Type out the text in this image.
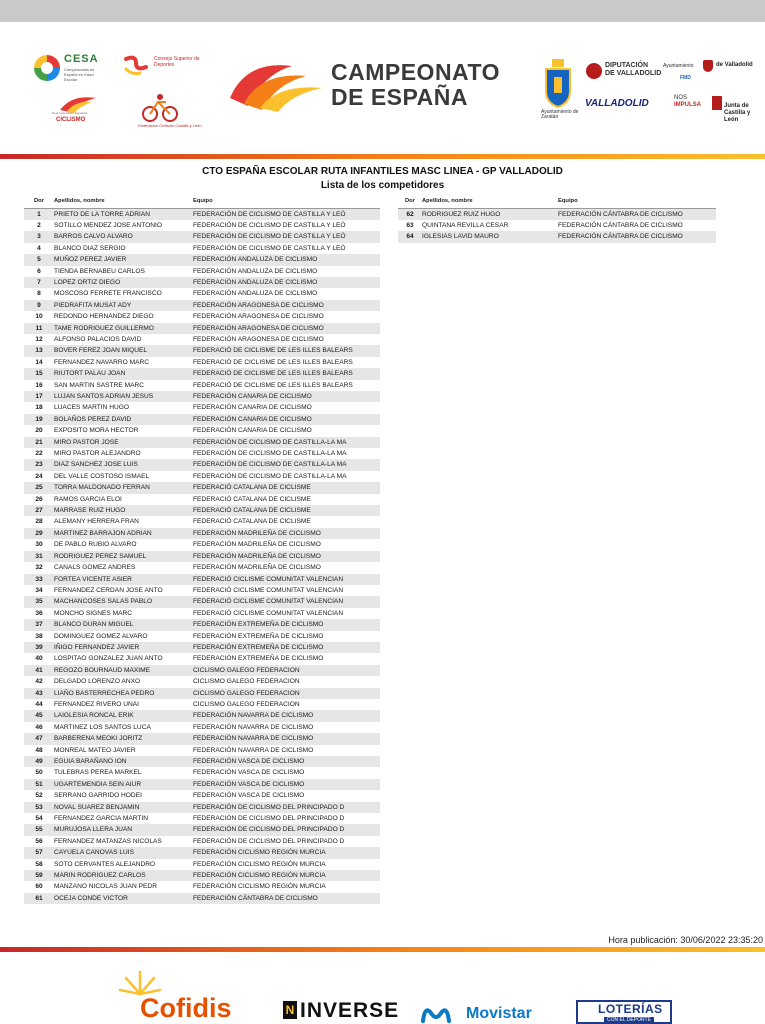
CESA
Campeonatos de España en Edad Escolar
Consejo Superior de Deportes
Real Federación Española
CICLISMO
Federación Ciclismo Castilla y León
CAMPEONATO
DE ESPAÑA
Ayuntamiento de
Zaratán
DIPUTACIÓN
DE VALLADOLID
Ayuntamiento	de Valladolid
FMD
VALLADOLID	NOS
IMPULSA	Junta de
Castilla y León
CTO ESPAÑA ESCOLAR RUTA INFANTILES MASC LINEA - GP VALLADOLID
Lista de los competidores
Dor	Apellidos, nombre	Equipo
1	PRIETO DE LA TORRE ADRIAN	FEDERACIÓN DE CICLISMO DE CASTILLA Y LEÓ
2	SOTILLO MENDEZ JOSE ANTONIO	FEDERACIÓN DE CICLISMO DE CASTILLA Y LEÓ
3	BARROS CALVO ALVARO	FEDERACIÓN DE CICLISMO DE CASTILLA Y LEÓ
4	BLANCO DIAZ SERGIO	FEDERACIÓN DE CICLISMO DE CASTILLA Y LEÓ
5	MUÑOZ PEREZ JAVIER	FEDERACIÓN ANDALUZA DE CICLISMO
6	TIENDA BERNABEU CARLOS	FEDERACIÓN ANDALUZA DE CICLISMO
7	LOPEZ ORTIZ DIEGO	FEDERACIÓN ANDALUZA DE CICLISMO
8	MOSCOSO FERRETE FRANCISCO	FEDERACIÓN ANDALUZA DE CICLISMO
9	PIEDRAFITA MUSAT ADY	FEDERACIÓN ARAGONESA DE CICLISMO
10	REDONDO HERNANDEZ DIEGO	FEDERACIÓN ARAGONESA DE CICLISMO
11	TAME RODRIGUEZ GUILLERMO	FEDERACIÓN ARAGONESA DE CICLISMO
12	ALFONSO PALACIOS DAVID	FEDERACIÓN ARAGONESA DE CICLISMO
13	BOVER FEREZ JOAN MIQUEL	FEDERACIÓ DE CICLISME DE LES ILLES BALEARS
14	FERNANDEZ NAVARRO MARC	FEDERACIÓ DE CICLISME DE LES ILLES BALEARS
15	RIUTORT PALAU JOAN	FEDERACIÓ DE CICLISME DE LES ILLES BALEARS
16	SAN MARTIN SASTRE MARC	FEDERACIÓ DE CICLISME DE LES ILLES BALEARS
17	LUJAN SANTOS ADRIAN JESUS	FEDERACIÓN CANARIA DE CICLISMO
18	LUACES MARTIN HUGO	FEDERACIÓN CANARIA DE CICLISMO
19	BOLAÑOS PEREZ DAVID	FEDERACIÓN CANARIA DE CICLISMO
20	EXPOSITO MORA HECTOR	FEDERACIÓN CANARIA DE CICLISMO
21	MIRO PASTOR JOSE	FEDERACIÓN DE CICLISMO DE CASTILLA-LA MA
22	MIRO PASTOR ALEJANDRO	FEDERACIÓN DE CICLISMO DE CASTILLA-LA MA
23	DIAZ SANCHEZ JOSE LUIS	FEDERACIÓN DE CICLISMO DE CASTILLA-LA MA
24	DEL VALLE COSTOSO ISMAEL	FEDERACIÓN DE CICLISMO DE CASTILLA-LA MA
25	TORRA MALDONADO FERRAN	FEDERACIÓ CATALANA DE CICLISME
26	RAMOS GARCIA ELOI	FEDERACIÓ CATALANA DE CICLISME
27	MARRASE RUIZ HUGO	FEDERACIÓ CATALANA DE CICLISME
28	ALEMANY HERRERA FRAN	FEDERACIÓ CATALANA DE CICLISME
29	MARTINEZ BARRAJON ADRIAN	FEDERACIÓN MADRILEÑA DE CICLISMO
30	DE PABLO RUBIO ALVARO	FEDERACIÓN MADRILEÑA DE CICLISMO
31	RODRIGUEZ PEREZ SAMUEL	FEDERACIÓN MADRILEÑA DE CICLISMO
32	CANALS GOMEZ ANDRES	FEDERACIÓN MADRILEÑA DE CICLISMO
33	FORTEA VICENTE ASIER	FEDERACIÓ CICLISME COMUNITAT VALENCIAN
34	FERNANDEZ CERDAN JOSE ANTO	FEDERACIÓ CICLISME COMUNITAT VALENCIAN
35	MACHANCOSES SALAS PABLO	FEDERACIÓ CICLISME COMUNITAT VALENCIAN
36	MONCHO SIGNES MARC	FEDERACIÓ CICLISME COMUNITAT VALENCIAN
37	BLANCO DURAN MIGUEL	FEDERACIÓN EXTREMEÑA DE CICLISMO
38	DOMINGUEZ GOMEZ ALVARO	FEDERACIÓN EXTREMEÑA DE CICLISMO
39	IÑIGO FERNANDEZ JAVIER	FEDERACIÓN EXTREMEÑA DE CICLISMO
40	LOSPITAO GONZALEZ JUAN ANTO	FEDERACIÓN EXTREMEÑA DE CICLISMO
41	REGOZO BOURNAUD MAXIME	CICLISMO GALEGO FEDERACION
42	DELGADO LORENZO ANXO	CICLISMO GALEGO FEDERACION
43	LIAÑO BASTERRECHEA PEDRO	CICLISMO GALEGO FEDERACION
44	FERNANDEZ RIVERO UNAI	CICLISMO GALEGO FEDERACION
45	LAIGLESIA RONCAL ERIK	FEDERACIÓN NAVARRA DE CICLISMO
46	MARTINEZ LOS SANTOS LUCA	FEDERACIÓN NAVARRA DE CICLISMO
47	BARBERENA MEOKI JORITZ	FEDERACIÓN NAVARRA DE CICLISMO
48	MONREAL MATEO JAVIER	FEDERACIÓN NAVARRA DE CICLISMO
49	EGUIA BARAÑANO ION	FEDERACIÓN VASCA DE CICLISMO
50	TULEBRAS PEREA MARKEL	FEDERACIÓN VASCA DE CICLISMO
51	UGARTEMENDIA SEIN AIUR	FEDERACIÓN VASCA DE CICLISMO
52	SERRANO GARRIDO HODEI	FEDERACIÓN VASCA DE CICLISMO
53	NOVAL SUAREZ BENJAMIN	FEDERACIÓN DE CICLISMO DEL PRINCIPADO D
54	FERNANDEZ GARCIA MARTIN	FEDERACIÓN DE CICLISMO DEL PRINCIPADO D
55	MURUJOSA LLERA JUAN	FEDERACIÓN DE CICLISMO DEL PRINCIPADO D
56	FERNANDEZ MATANZAS NICOLAS	FEDERACIÓN DE CICLISMO DEL PRINCIPADO D
57	CAYUELA CANOVAS LUIS	FEDERACIÓN CICLISMO REGIÓN MURCIA
58	SOTO CERVANTES ALEJANDRO	FEDERACIÓN CICLISMO REGIÓN MURCIA
59	MARIN RODRIGUEZ CARLOS	FEDERACIÓN CICLISMO REGIÓN MURCIA
60	MANZANO NICOLAS JUAN PEDR	FEDERACIÓN CICLISMO REGIÓN MURCIA
61	OCEJA CONDE VICTOR	FEDERACIÓN CÁNTABRA DE CICLISMO
Dor	Apellidos, nombre	Equipo
62	RODRIGUEZ RUIZ HUGO	FEDERACIÓN CÁNTABRA DE CICLISMO
63	QUINTANA REVILLA CESAR	FEDERACIÓN CÁNTABRA DE CICLISMO
64	IGLESIAS LAVID MAURO	FEDERACIÓN CÁNTABRA DE CICLISMO
Hora publicación: 30/06/2022 23:35:20
Cofidis	N INVERSE	Movistar	LOTERÍAS
CON EL DEPORTE
